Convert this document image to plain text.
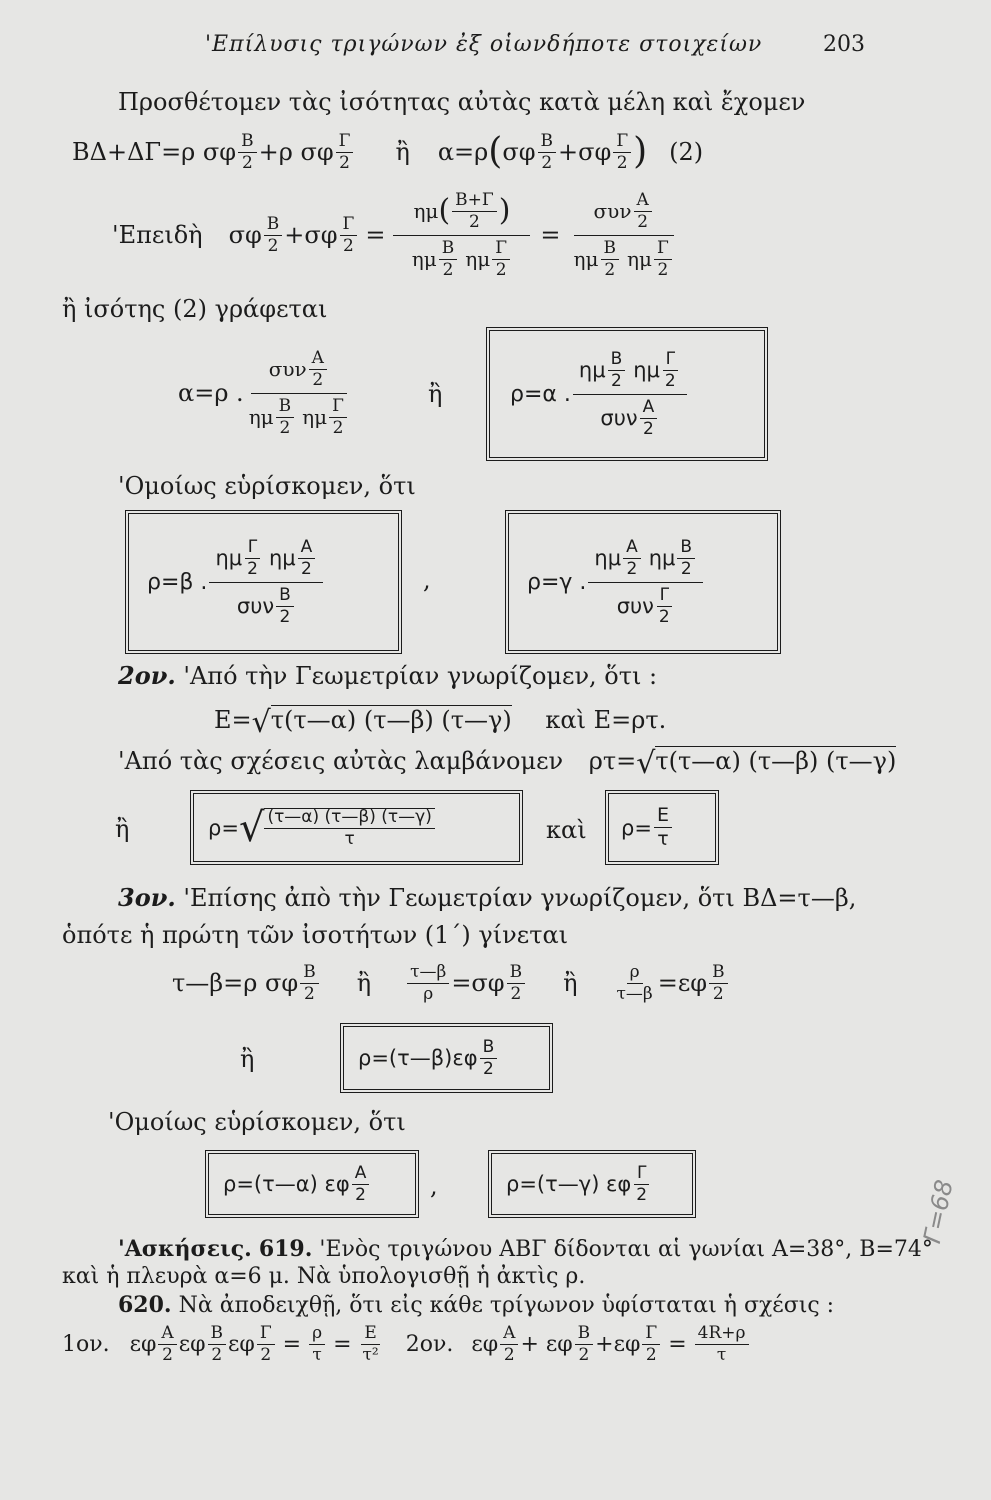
'Επίλυσις τριγώνων ἐξ οἱωνδήποτε στοιχείων	203
Προσθέτομεν τὰς ἰσότητας αὐτὰς κατὰ μέλη καὶ ἔχομεν
ΒΔ+ΔΓ=ρ σφ $\frac{B}{2} +\rho$ σφ $\frac{\Gamma}{2}$ ἢ α=ρ ( σφ $\frac{B}{2} +\sigma\varphi \frac{\Gamma}{2}$ ) (2)
'Επειδὴ σφ $\frac{B}{2} +\sigma\varphi \frac{\Gamma}{2} = \frac{\eta\mu ( \frac{B+\Gamma}{2} )}{\eta\mu \frac{B}{2} \eta\mu \frac{\Gamma}{2}} = \frac{\sigma\upsilon\nu \frac{A}{2}}{\eta\mu \frac{B}{2} \eta\mu \frac{\Gamma}{2}}$
ἢ ἰσότης (2) γράφεται
α=ρ . $\frac{\sigma\upsilon\nu \frac{A}{2}}{\eta\mu \frac{B}{2} \eta\mu \frac{\Gamma}{2}}$	ἢ	ρ=α . $\frac{\eta\mu \frac{B}{2} \eta\mu \frac{\Gamma}{2}}{\sigma\upsilon\nu \frac{A}{2}}$
'Ομοίως εὑρίσκομεν, ὅτι
ρ=β . $\frac{\eta\mu \frac{\Gamma}{2} \eta\mu \frac{A}{2}}{\sigma\upsilon\nu \frac{B}{2}}$	,	ρ=γ . $\frac{\eta\mu \frac{A}{2} \eta\mu \frac{B}{2}}{\sigma\upsilon\nu \frac{\Gamma}{2}}$
2ον. 'Από τὴν Γεωμετρίαν γνωρίζομεν, ὅτι :
Ε=√τ(τ—α) (τ—β) (τ—γ) καὶ Ε=ρτ.
'Από τὰς σχέσεις αὐτὰς λαμβάνομεν ρτ=√τ(τ—α) (τ—β) (τ—γ)
ἢ	ρ= √ $\frac{(\tau—\alpha) (\tau—\beta) (\tau—\gamma)}{\tau}$	καὶ $\rho= \frac{E}{\tau}$
3ον. 'Επίσης ἀπὸ τὴν Γεωμετρίαν γνωρίζομεν, ὅτι ΒΔ=τ—β,
ὁπότε ἡ πρώτη τῶν ἰσοτήτων (1΄) γίνεται
τ—β=ρ σφ $\frac{B}{2}$ ἢ $\frac{\tau—\beta}{\rho} =\sigma\varphi \frac{B}{2}$ ἢ $\frac{\rho}{\tau—\beta} =\varepsilon\varphi \frac{B}{2}$
ἢ	ρ=(τ—β)εφ $\frac{B}{2}$
'Ομοίως εὑρίσκομεν, ὅτι
ρ=(τ—α) εφ $\frac{A}{2}$	,	ρ=(τ—γ) εφ $\frac{\Gamma}{2}$
'Ασκήσεις. 619. 'Ενὸς τριγώνου ΑΒΓ δίδονται αἱ γωνίαι Α=38°, Β=74°
καὶ ἡ πλευρὰ α=6 μ. Νὰ ὑπολογισθῇ ἡ ἀκτὶς ρ.
620. Νὰ ἀποδειχθῇ, ὅτι εἰς κάθε τρίγωνον ὑφίσταται ἡ σχέσις :
1ον. εφ $\frac{A}{2}$ εφ $\frac{B}{2}$ εφ $\frac{\Gamma}{2} = \frac{\rho}{\tau} = \frac{E}{\text{τ²}} 2o\nu$. εφ $\frac{A}{2} + \varepsilon\varphi \frac{B}{2} +\varepsilon\varphi \frac{\Gamma}{2} = \frac{4R+\rho}{\tau}$
Γ=68
